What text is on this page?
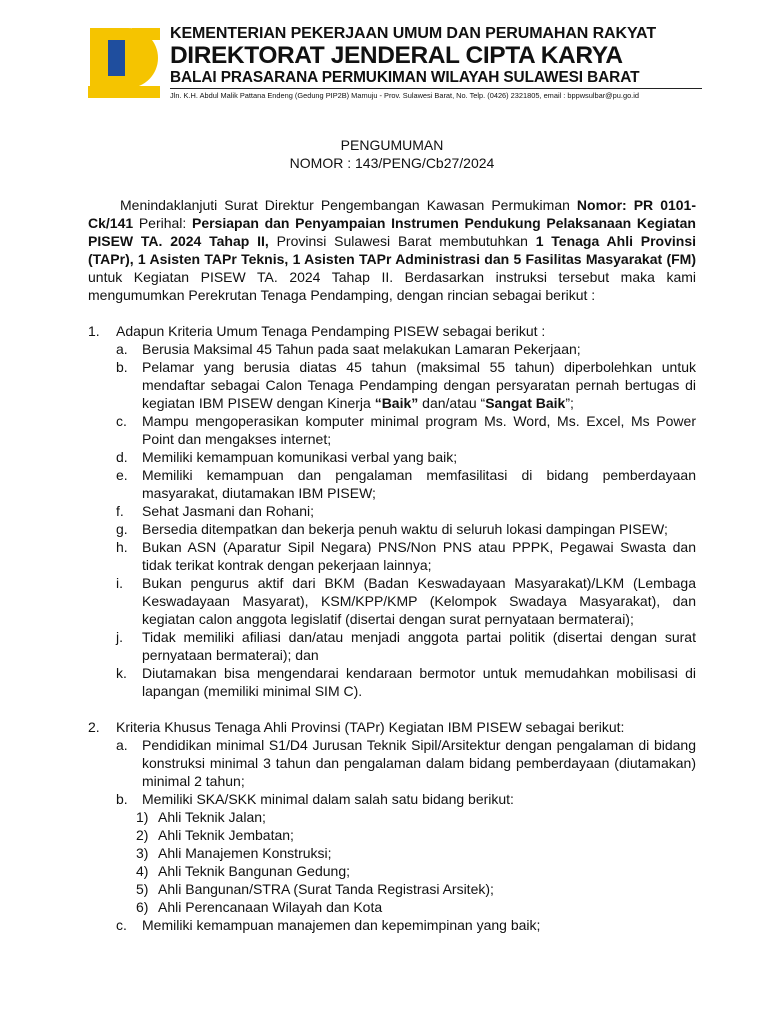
KEMENTERIAN PEKERJAAN UMUM DAN PERUMAHAN RAKYAT
DIREKTORAT JENDERAL CIPTA KARYA
BALAI PRASARANA PERMUKIMAN WILAYAH SULAWESI BARAT
Jln. K.H. Abdul Malik Pattana Endeng (Gedung PIP2B) Mamuju - Prov. Sulawesi Barat, No. Telp. (0426) 2321805, email : bppwsulbar@pu.go.id
PENGUMUMAN
NOMOR : 143/PENG/Cb27/2024

Menindaklanjuti Surat Direktur Pengembangan Kawasan Permukiman Nomor: PR 0101-Ck/141 Perihal: Persiapan dan Penyampaian Instrumen Pendukung Pelaksanaan Kegiatan PISEW TA. 2024 Tahap II, Provinsi Sulawesi Barat membutuhkan 1 Tenaga Ahli Provinsi (TAPr), 1 Asisten TAPr Teknis, 1 Asisten TAPr Administrasi dan 5 Fasilitas Masyarakat (FM) untuk Kegiatan PISEW TA. 2024 Tahap II. Berdasarkan instruksi tersebut maka kami mengumumkan Perekrutan Tenaga Pendamping, dengan rincian sebagai berikut :

1.	Adapun Kriteria Umum Tenaga Pendamping PISEW sebagai berikut :
a.	Berusia Maksimal 45 Tahun pada saat melakukan Lamaran Pekerjaan;
b.	Pelamar yang berusia diatas 45 tahun (maksimal 55 tahun) diperbolehkan untuk mendaftar sebagai Calon Tenaga Pendamping dengan persyaratan pernah bertugas di kegiatan IBM PISEW dengan Kinerja “Baik” dan/atau “Sangat Baik”;
c.	Mampu mengoperasikan komputer minimal program Ms. Word, Ms. Excel, Ms Power Point dan mengakses internet;
d.	Memiliki kemampuan komunikasi verbal yang baik;
e.	Memiliki kemampuan dan pengalaman memfasilitasi di bidang pemberdayaan masyarakat, diutamakan IBM PISEW;
f.	Sehat Jasmani dan Rohani;
g.	Bersedia ditempatkan dan bekerja penuh waktu di seluruh lokasi dampingan PISEW;
h.	Bukan ASN (Aparatur Sipil Negara) PNS/Non PNS atau PPPK, Pegawai Swasta dan tidak terikat kontrak dengan pekerjaan lainnya;
i.	Bukan pengurus aktif dari BKM (Badan Keswadayaan Masyarakat)/LKM (Lembaga Keswadayaan Masyarat), KSM/KPP/KMP (Kelompok Swadaya Masyarakat), dan kegiatan calon anggota legislatif (disertai dengan surat pernyataan bermaterai);
j.	Tidak memiliki afiliasi dan/atau menjadi anggota partai politik (disertai dengan surat pernyataan bermaterai); dan
k.	Diutamakan bisa mengendarai kendaraan bermotor untuk memudahkan mobilisasi di lapangan (memiliki minimal SIM C).
2.	Kriteria Khusus Tenaga Ahli Provinsi (TAPr) Kegiatan IBM PISEW sebagai berikut:
a.	Pendidikan minimal S1/D4 Jurusan Teknik Sipil/Arsitektur dengan pengalaman di bidang konstruksi minimal 3 tahun dan pengalaman dalam bidang pemberdayaan (diutamakan) minimal 2 tahun;
b.	Memiliki SKA/SKK minimal dalam salah satu bidang berikut:
1) Ahli Teknik Jalan;
2) Ahli Teknik Jembatan;
3) Ahli Manajemen Konstruksi;
4) Ahli Teknik Bangunan Gedung;
5) Ahli Bangunan/STRA (Surat Tanda Registrasi Arsitek);
6) Ahli Perencanaan Wilayah dan Kota
c.	Memiliki kemampuan manajemen dan kepemimpinan yang baik;
